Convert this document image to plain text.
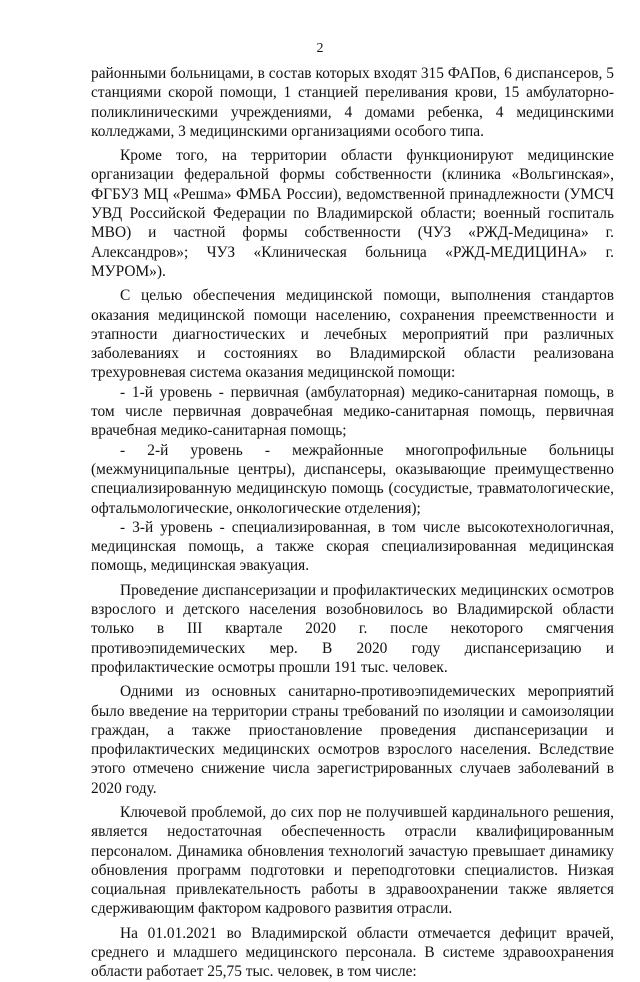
2

районными больницами, в состав которых входят 315 ФАПов, 6 диспансеров, 5 станциями скорой помощи, 1 станцией переливания крови, 15 амбулаторно-поликлиническими учреждениями, 4 домами ребенка, 4 медицинскими колледжами, 3 медицинскими организациями особого типа.

Кроме того, на территории области функционируют медицинские организации федеральной формы собственности (клиника «Вольгинская», ФГБУЗ МЦ «Решма» ФМБА России), ведомственной принадлежности (УМСЧ УВД Российской Федерации по Владимирской области; военный госпиталь МВО) и частной формы собственности (ЧУЗ «РЖД-Медицина» г. Александров»; ЧУЗ «Клиническая больница «РЖД-МЕДИЦИНА» г. МУРОМ»).

С целью обеспечения медицинской помощи, выполнения стандартов оказания медицинской помощи населению, сохранения преемственности и этапности диагностических и лечебных мероприятий при различных заболеваниях и состояниях во Владимирской области реализована трехуровневая система оказания медицинской помощи:

- 1-й уровень - первичная (амбулаторная) медико-санитарная помощь, в том числе первичная доврачебная медико-санитарная помощь, первичная врачебная медико-санитарная помощь;

- 2-й уровень - межрайонные многопрофильные больницы (межмуниципальные центры), диспансеры, оказывающие преимущественно специализированную медицинскую помощь (сосудистые, травматологические, офтальмологические, онкологические отделения);

- 3-й уровень - специализированная, в том числе высокотехнологичная, медицинская помощь, а также скорая специализированная медицинская помощь, медицинская эвакуация.

Проведение диспансеризации и профилактических медицинских осмотров взрослого и детского населения возобновилось во Владимирской области только в III квартале 2020 г. после некоторого смягчения противоэпидемических мер. В 2020 году диспансеризацию и профилактические осмотры прошли 191 тыс. человек.

Одними из основных санитарно-противоэпидемических мероприятий было введение на территории страны требований по изоляции и самоизоляции граждан, а также приостановление проведения диспансеризации и профилактических медицинских осмотров взрослого населения. Вследствие этого отмечено снижение числа зарегистрированных случаев заболеваний в 2020 году.

Ключевой проблемой, до сих пор не получившей кардинального решения, является недостаточная обеспеченность отрасли квалифицированным персоналом. Динамика обновления технологий зачастую превышает динамику обновления программ подготовки и переподготовки специалистов. Низкая социальная привлекательность работы в здравоохранении также является сдерживающим фактором кадрового развития отрасли.

На 01.01.2021 во Владимирской области отмечается дефицит врачей, среднего и младшего медицинского персонала. В системе здравоохранения области работает 25,75 тыс. человек, в том числе:
